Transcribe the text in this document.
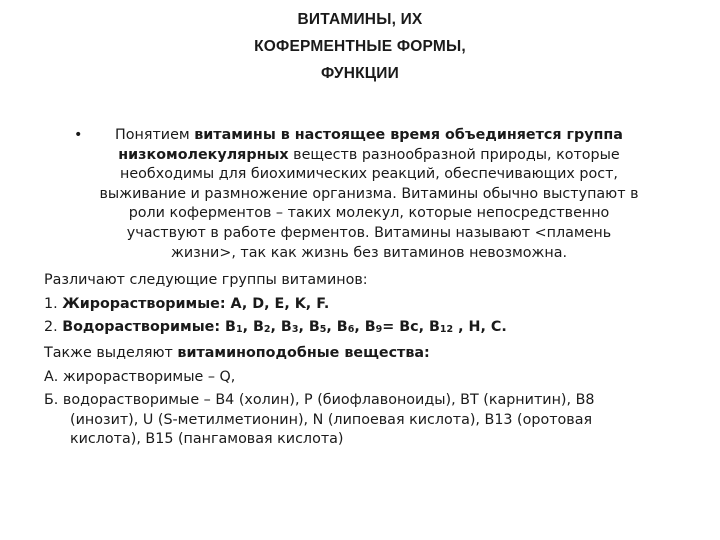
ВИТАМИНЫ, ИХ
КОФЕРМЕНТНЫЕ ФОРМЫ,
ФУНКЦИИ
•	Понятием витамины в настоящее время объединяется группа
низкомолекулярных веществ разнообразной природы, которые
необходимы для биохимических реакций, обеспечивающих рост,
выживание и размножение организма. Витамины обычно выступают в
роли коферментов – таких молекул, которые непосредственно
участвуют в работе ферментов. Витамины называют <пламень
жизни>, так как жизнь без витаминов невозможна.

Различают следующие группы витаминов:

1. Жирорастворимые: A, D, E, K, F.

2. Водорастворимые: $B_1$, $B_2$, $B_3$, $B_5$, $B_6$, $B_9= Bc$, $B_{12}$ , H, C.

Также выделяют витаминоподобные вещества:

А. жирорастворимые – Q,

Б. водорастворимые – B4 (холин), P (биофлавоноиды), BT (карнитин), B8

(инозит), U (S-метилметионин), N (липоевая кислота), B13 (оротовая

кислота), B15 (пангамовая кислота)
